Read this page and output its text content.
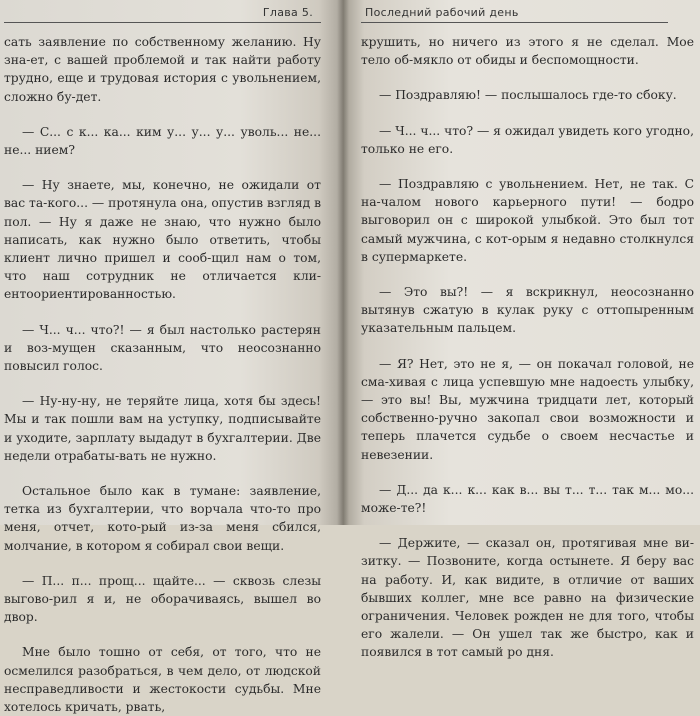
Глава 5.

сать заявление по собственному желанию. Ну зна-ет, с вашей проблемой и так найти работу трудно, еще и трудовая история с увольнением, сложно бу-дет.

— С... с к... ка... ким у... у... у... уволь... не... не... нием?

— Ну знаете, мы, конечно, не ожидали от вас та-кого... — протянула она, опустив взгляд в пол. — Ну я даже не знаю, что нужно было написать, как нужно было ответить, чтобы клиент лично пришел и сооб-щил нам о том, что наш сотрудник не отличается кли-ентоориентированностью.

— Ч... ч... что?! — я был настолько растерян и воз-мущен сказанным, что неосознанно повысил голос.

— Ну-ну-ну, не теряйте лица, хотя бы здесь! Мы и так пошли вам на уступку, подписывайте и уходите, зарплату выдадут в бухгалтерии. Две недели отрабаты-вать не нужно.

Остальное было как в тумане: заявление, теткa из бухгалтерии, что ворчала что-то про меня, отчет, кото-рый из-за меня сбился, молчание, в котором я собирал свои вещи.

— П... п... прощ... щайте... — сквозь слезы выгово-рил я и, не оборачиваясь, вышел во двор.

Мне было тошно от себя, от того, что не осмелился разобраться, в чем дело, от людской несправедливости и жестокости судьбы. Мне хотелось кричать, рвать,

Последний рабочий день

крушить, но ничего из этого я не сделал. Мое тело об-мякло от обиды и беспомощности.

— Поздравляю! — послышалось где-то сбоку.

— Ч... ч... что? — я ожидал увидеть кого угодно, только не его.

— Поздравляю с увольнением. Нет, не так. С на-чалом нового карьерного пути! — бодро выговорил он с широкой улыбкой. Это был тот самый мужчина, с кот-орым я недавно столкнулся в супермаркете.

— Это вы?! — я вскрикнул, неосознанно вытянув сжатую в кулак руку с оттопыренным указательным пальцем.

— Я? Нет, это не я, — он покачал головой, не сма-хивая с лица успевшую мне надоесть улыбку, — это вы! Вы, мужчина тридцати лет, который собственно-ручно закопал свои возможности и теперь плачется судьбе о своем несчастье и невезении.

— Д... да к... к... как в... вы т... т... так м... мо... може-те?!

— Держите, — сказал он, протягивая мне ви-зитку. — Позвоните, когда остынете. Я беру вас на работу. И, как видите, в отличие от ваших бывших коллег, мне все равно на физические ограничения. Человек рожден не для того, чтобы его жалели. — Он ушел так же быстро, как и появился в тот самый ро дня.
